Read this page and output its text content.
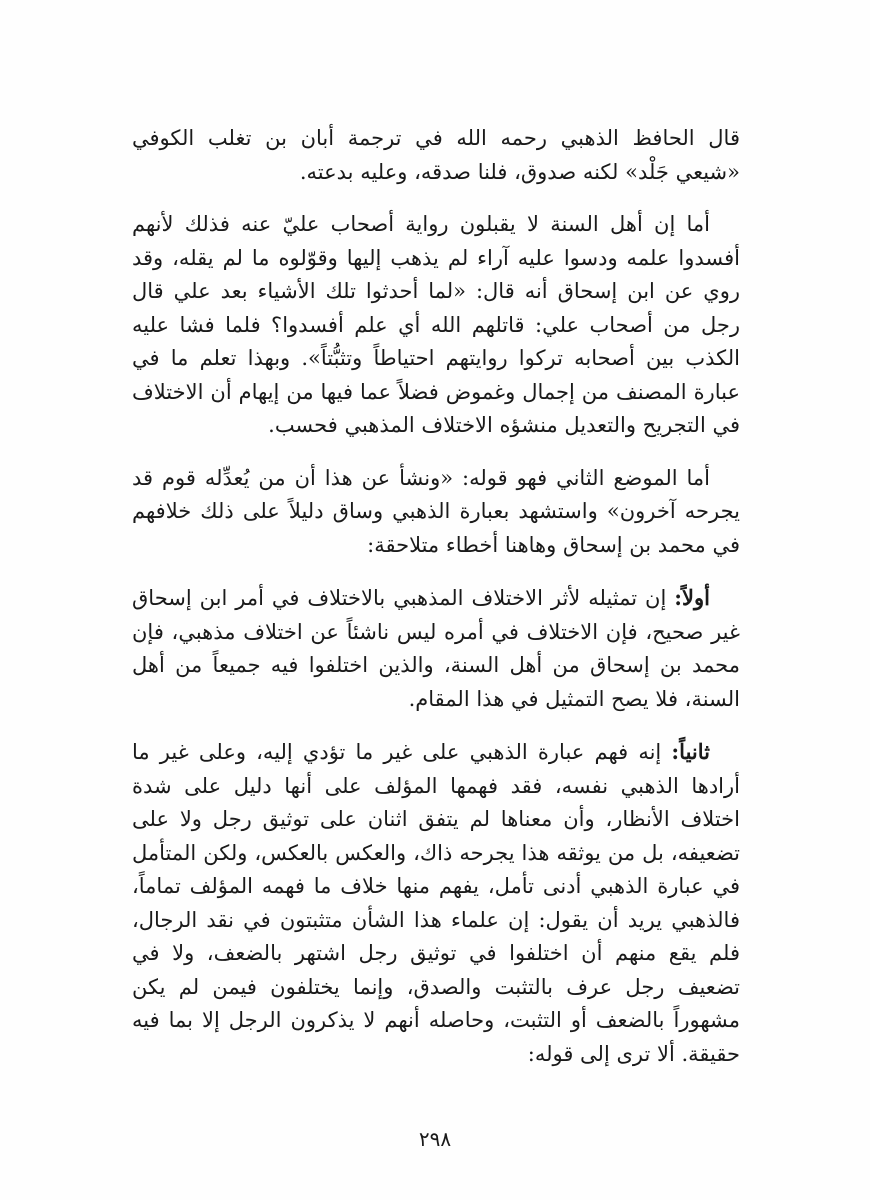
قال الحافظ الذهبي رحمه الله في ترجمة أبان بن تغلب الكوفي «شيعي جَلْد» لكنه صدوق، فلنا صدقه، وعليه بدعته.

أما إن أهل السنة لا يقبلون رواية أصحاب عليّ عنه فذلك لأنهم أفسدوا علمه ودسوا عليه آراء لم يذهب إليها وقوّلوه ما لم يقله، وقد روي عن ابن إسحاق أنه قال: «لما أحدثوا تلك الأشياء بعد علي قال رجل من أصحاب علي: قاتلهم الله أي علم أفسدوا؟ فلما فشا عليه الكذب بين أصحابه تركوا روايتهم احتياطاً وتثبُّتاً». وبهذا تعلم ما في عبارة المصنف من إجمال وغموض فضلاً عما فيها من إيهام أن الاختلاف في التجريح والتعديل منشؤه الاختلاف المذهبي فحسب.

أما الموضع الثاني فهو قوله: «ونشأ عن هذا أن من يُعدِّله قوم قد يجرحه آخرون» واستشهد بعبارة الذهبي وساق دليلاً على ذلك خلافهم في محمد بن إسحاق وهاهنا أخطاء متلاحقة:

أولاً: إن تمثيله لأثر الاختلاف المذهبي بالاختلاف في أمر ابن إسحاق غير صحيح، فإن الاختلاف في أمره ليس ناشئاً عن اختلاف مذهبي، فإن محمد بن إسحاق من أهل السنة، والذين اختلفوا فيه جميعاً من أهل السنة، فلا يصح التمثيل في هذا المقام.

ثانياً: إنه فهم عبارة الذهبي على غير ما تؤدي إليه، وعلى غير ما أرادها الذهبي نفسه، فقد فهمها المؤلف على أنها دليل على شدة اختلاف الأنظار، وأن معناها لم يتفق اثنان على توثيق رجل ولا على تضعيفه، بل من يوثقه هذا يجرحه ذاك، والعكس بالعكس، ولكن المتأمل في عبارة الذهبي أدنى تأمل، يفهم منها خلاف ما فهمه المؤلف تماماً، فالذهبي يريد أن يقول: إن علماء هذا الشأن متثبتون في نقد الرجال، فلم يقع منهم أن اختلفوا في توثيق رجل اشتهر بالضعف، ولا في تضعيف رجل عرف بالتثبت والصدق، وإنما يختلفون فيمن لم يكن مشهوراً بالضعف أو التثبت، وحاصله أنهم لا يذكرون الرجل إلا بما فيه حقيقة. ألا ترى إلى قوله:

٢٩٨
